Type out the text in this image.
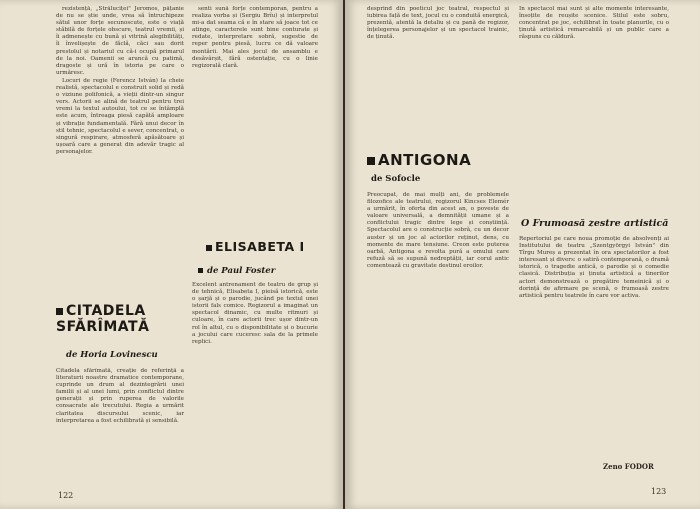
rezistență, „Străluciței" Jeromos, pățanie de nu se știe unde, vrea să întruchipeze sătul unor forțe secunoscute, este o viață stăbilă de forțele obscure, teatrul vremii, și îi admenește cu bună și vitrină alegibilități, îi învelișește de făclă, căci sau dorit prestolul și notariul cu că-i ocupă primarul de la noi. Oamenii se aruncă cu patimă, dragoste și ură în istoria pe care o urmăresc.

Locuri de regie (Ferencz István) la cheie realistă, spectacolul e construit solid și redă o viziune polifonică, a vieții dintr-un singur vers. Actorii se alină de teatrul pentru trei vremi la textul autoului, tot ce se întâmplă este acum, întreaga piesă capătă amploare și vibrație fundamentală. Fără unui decor în stil tehnic, spectacolul e sever, concentrat, o singură respirare, atmosferă apăsătoare și ușoară care a generat din adevăr tragic al personajelor.

CITADELA
SFĂRÎMATĂ
de Horia Lovinescu
Citadela sfărîmată, creație de referință a literaturii noastre dramatice contemporane, cuprinde un drum al dezintegrării unei familii și al unei lumi, prin conflictul dintre generații și prin ruperea de valorile consacrate ale trecutului. Regia a urmărit claritatea discursului scenic, iar interpretarea a fost echilibrată și sensibilă.

senti sună forțe contemporan, pentru a realiza vorba și (Sergiu Brîu) și interpretul mi-a dat seama că e în stare să joace tot ce atinge, caracterele sunt bine conturate și redate, interpretare sobră, sugestie de reper pentru piesă, lucru ce dă valoare montării. Mai ales jocul de ansamblu e desăvârșit, fără ostentație, cu o linie regizorală clară.

ELISABETA I
de Paul Foster
Excelent antrenament de teatru de grup și de tehnică, Elisabeta I, pieisă istorică, este o șarjă și o parodie, jucând pe textul unei istorii fals comice. Regizorul a imaginat un spectacol dinamic, cu multe ritmuri și culoare, în care actorii trec ușor dintr-un rol în altul, cu o disponibilitate și o bucurie a jocului care cuceresc sala de la primele replici.
122
desprind din poeticul joc teatral, respectul și iubirea față de text, jocul cu o conduită energică, prezentă, atentă la detaliu și cu pană de regizor, înțelegerea personajelor și un spectacol trainic, de ținută.
ANTIGONA
de Sofocle
Preocupat, de mai mulți ani, de problemele filozofice ale teatrului, regizorul Kincses Elemér a urmărit, în oferta din acest an, o poveste de valoare universală, a demnității umane și a conflictului tragic dintre lege și conștiință. Spectacolul are o construcție sobră, cu un decor auster și un joc al actorilor reținut, dens, cu momente de mare tensiune. Creon este puterea oarbă, Antigona e revolta pură a omului care refuză să se supună nedreptății, iar corul antic comentează cu gravitate destinul eroilor.
În spectacol mai sunt și alte momente interesante, însoțite de reușite scenice. Stilul este sobru, concentrat pe joc, echilibrat în toate planurile, cu o ținută artistică remarcabilă și un public care a răspuns cu căldură.
O Frumoasă zestre artistică
Repertoriul pe care noua promoție de absolvenți ai Institutului de teatru „Szentgyörgyi István" din Tîrgu Mureș a prezentat în ora spectatorilor a fost interesant și divers: o satiră contemporană, o dramă istorică, o tragedie antică, o parodie și o comedie clasică. Distribuția și ținuta artistică a tinerilor actori demonstrează o pregătire temeinică și o dorință de afirmare pe scenă, o frumoasă zestre artistică pentru teatrele în care vor activa.
Zeno FODOR
123
